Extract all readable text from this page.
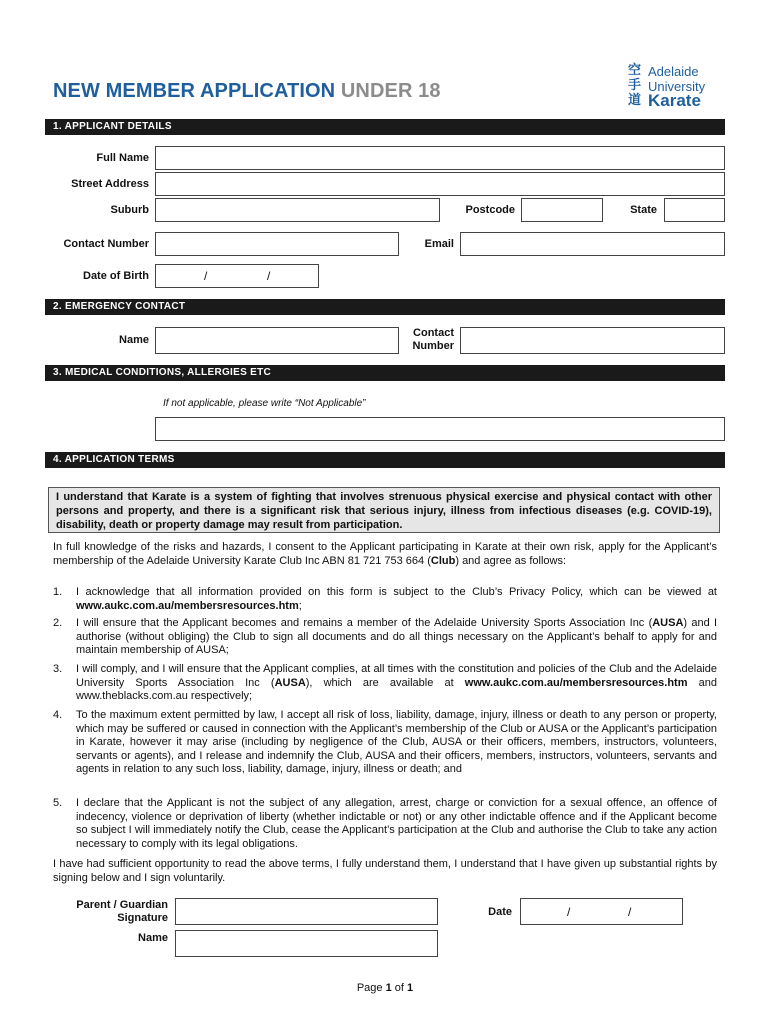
NEW MEMBER APPLICATION UNDER 18
空手道
Adelaide
University
Karate
1. APPLICANT DETAILS
Full Name
Street Address
Suburb	Postcode	State
Contact Number	Email
Date of Birth	/	/
2. EMERGENCY CONTACT
Name
Contact
Number
3. MEDICAL CONDITIONS, ALLERGIES ETC
If not applicable, please write “Not Applicable”
4. APPLICATION TERMS
I understand that Karate is a system of fighting that involves strenuous physical exercise and physical contact with other persons and property, and there is a significant risk that serious injury, illness from infectious diseases (e.g. COVID-19), disability, death or property damage may result from participation.
In full knowledge of the risks and hazards, I consent to the Applicant participating in Karate at their own risk, apply for the Applicant’s membership of the Adelaide University Karate Club Inc ABN 81 721 753 664 (Club) and agree as follows:
1. I acknowledge that all information provided on this form is subject to the Club’s Privacy Policy, which can be viewed at www.aukc.com.au/membersresources.htm;
2. I will ensure that the Applicant becomes and remains a member of the Adelaide University Sports Association Inc (AUSA) and I authorise (without obliging) the Club to sign all documents and do all things necessary on the Applicant’s behalf to apply for and maintain membership of AUSA;
3. I will comply, and I will ensure that the Applicant complies, at all times with the constitution and policies of the Club and the Adelaide University Sports Association Inc (AUSA), which are available at www.aukc.com.au/membersresources.htm and www.theblacks.com.au respectively;
4. To the maximum extent permitted by law, I accept all risk of loss, liability, damage, injury, illness or death to any person or property, which may be suffered or caused in connection with the Applicant’s membership of the Club or AUSA or the Applicant’s participation in Karate, however it may arise (including by negligence of the Club, AUSA or their officers, members, instructors, volunteers, servants or agents), and I release and indemnify the Club, AUSA and their officers, members, instructors, volunteers, servants and agents in relation to any such loss, liability, damage, injury, illness or death; and
5. I declare that the Applicant is not the subject of any allegation, arrest, charge or conviction for a sexual offence, an offence of indecency, violence or deprivation of liberty (whether indictable or not) or any other indictable offence and if the Applicant become so subject I will immediately notify the Club, cease the Applicant’s participation at the Club and authorise the Club to take any action necessary to comply with its legal obligations.
I have had sufficient opportunity to read the above terms, I fully understand them, I understand that I have given up substantial rights by signing below and I sign voluntarily.
Parent / Guardian
Signature
Name
Date	/	/
Page 1 of 1
